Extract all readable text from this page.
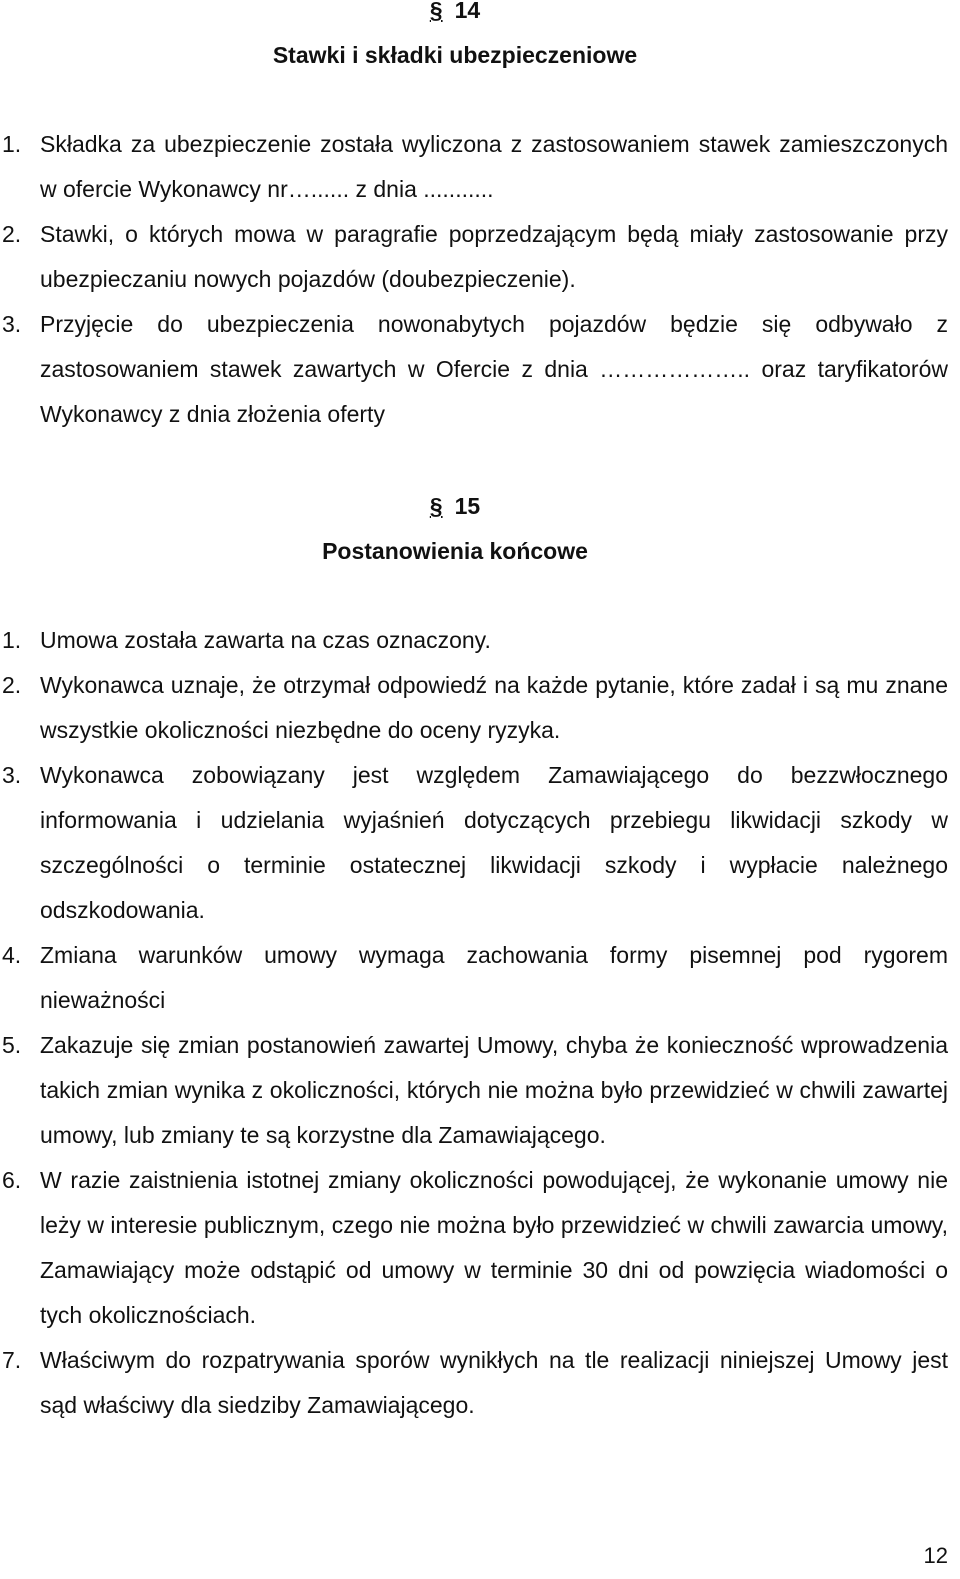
§ 14
Stawki i składki ubezpieczeniowe
1. Składka za ubezpieczenie została wyliczona z zastosowaniem stawek zamieszczonych w ofercie Wykonawcy nr…...... z dnia ...........
2. Stawki, o których mowa w paragrafie poprzedzającym będą miały zastosowanie przy ubezpieczaniu nowych pojazdów (doubezpieczenie).
3. Przyjęcie do ubezpieczenia nowonabytych pojazdów będzie się odbywało z zastosowaniem stawek zawartych w Ofercie z dnia ……………….. oraz taryfikatorów Wykonawcy z dnia złożenia oferty
§ 15
Postanowienia końcowe
1. Umowa została zawarta na czas oznaczony.
2. Wykonawca uznaje, że otrzymał odpowiedź na każde pytanie, które zadał i są mu znane wszystkie okoliczności niezbędne do oceny ryzyka.
3. Wykonawca zobowiązany jest względem Zamawiającego do bezzwłocznego informowania i udzielania wyjaśnień dotyczących przebiegu likwidacji szkody w szczególności o terminie ostatecznej likwidacji szkody i wypłacie należnego odszkodowania.
4. Zmiana warunków umowy wymaga zachowania formy pisemnej pod rygorem nieważności
5. Zakazuje się zmian postanowień zawartej Umowy, chyba że konieczność wprowadzenia takich zmian wynika z okoliczności, których nie można było przewidzieć w chwili zawartej umowy, lub zmiany te są korzystne dla Zamawiającego.
6. W razie zaistnienia istotnej zmiany okoliczności powodującej, że wykonanie umowy nie leży w interesie publicznym, czego nie można było przewidzieć w chwili zawarcia umowy, Zamawiający może odstąpić od umowy w terminie 30 dni od powzięcia wiadomości o tych okolicznościach.
7. Właściwym do rozpatrywania sporów wynikłych na tle realizacji niniejszej Umowy jest sąd właściwy dla siedziby Zamawiającego.
12
